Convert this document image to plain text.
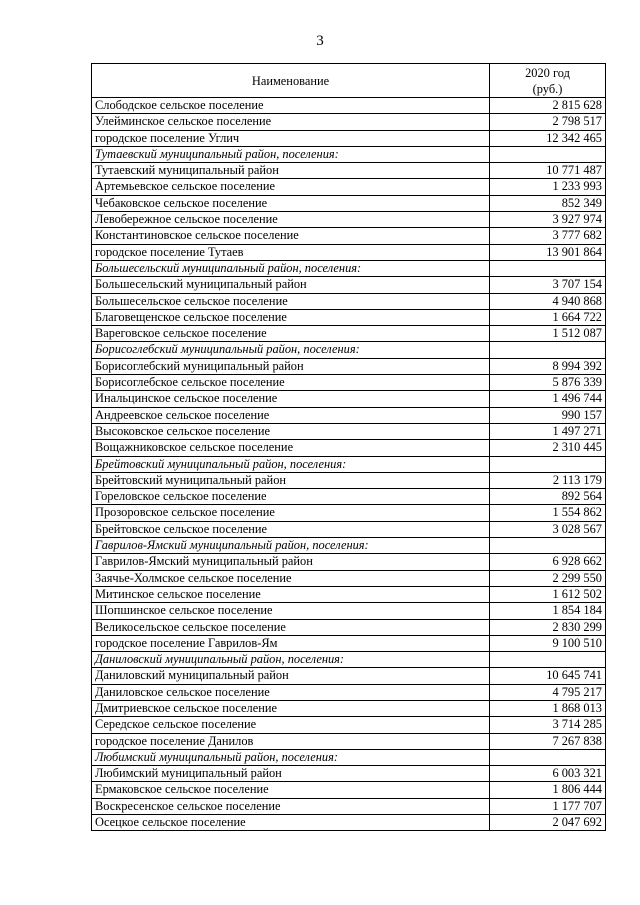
3
Наименование	2020 год
(руб.)

Слободское сельское поселение	2 815 628
Улейминское сельское поселение	2 798 517
городское поселение Углич	12 342 465
Тутаевский муниципальный район, поселения:	
Тутаевский муниципальный район	10 771 487
Артемьевское сельское поселение	1 233 993
Чебаковское сельское поселение	852 349
Левобережное сельское поселение	3 927 974
Константиновское сельское поселение	3 777 682
городское поселение Тутаев	13 901 864
Большесельский муниципальный район, поселения:	
Большесельский муниципальный район	3 707 154
Большесельское сельское поселение	4 940 868
Благовещенское сельское поселение	1 664 722
Вареговское сельское поселение	1 512 087
Борисоглебский муниципальный район, поселения:	
Борисоглебский муниципальный район	8 994 392
Борисоглебское сельское поселение	5 876 339
Инальцинское сельское поселение	1 496 744
Андреевское сельское поселение	990 157
Высоковское сельское поселение	1 497 271
Вощажниковское сельское поселение	2 310 445
Брейтовский муниципальный район, поселения:	
Брейтовский муниципальный район	2 113 179
Гореловское сельское поселение	892 564
Прозоровское сельское поселение	1 554 862
Брейтовское сельское поселение	3 028 567
Гаврилов-Ямский муниципальный район, поселения:	
Гаврилов-Ямский муниципальный район	6 928 662
Заячье-Холмское сельское поселение	2 299 550
Митинское сельское поселение	1 612 502
Шопшинское сельское поселение	1 854 184
Великосельское сельское поселение	2 830 299
городское поселение Гаврилов-Ям	9 100 510
Даниловский муниципальный район, поселения:	
Даниловский муниципальный район	10 645 741
Даниловское сельское поселение	4 795 217
Дмитриевское сельское поселение	1 868 013
Середское сельское поселение	3 714 285
городское поселение Данилов	7 267 838
Любимский муниципальный район, поселения:	
Любимский муниципальный район	6 003 321
Ермаковское сельское поселение	1 806 444
Воскресенское сельское поселение	1 177 707
Осецкое сельское поселение	2 047 692
